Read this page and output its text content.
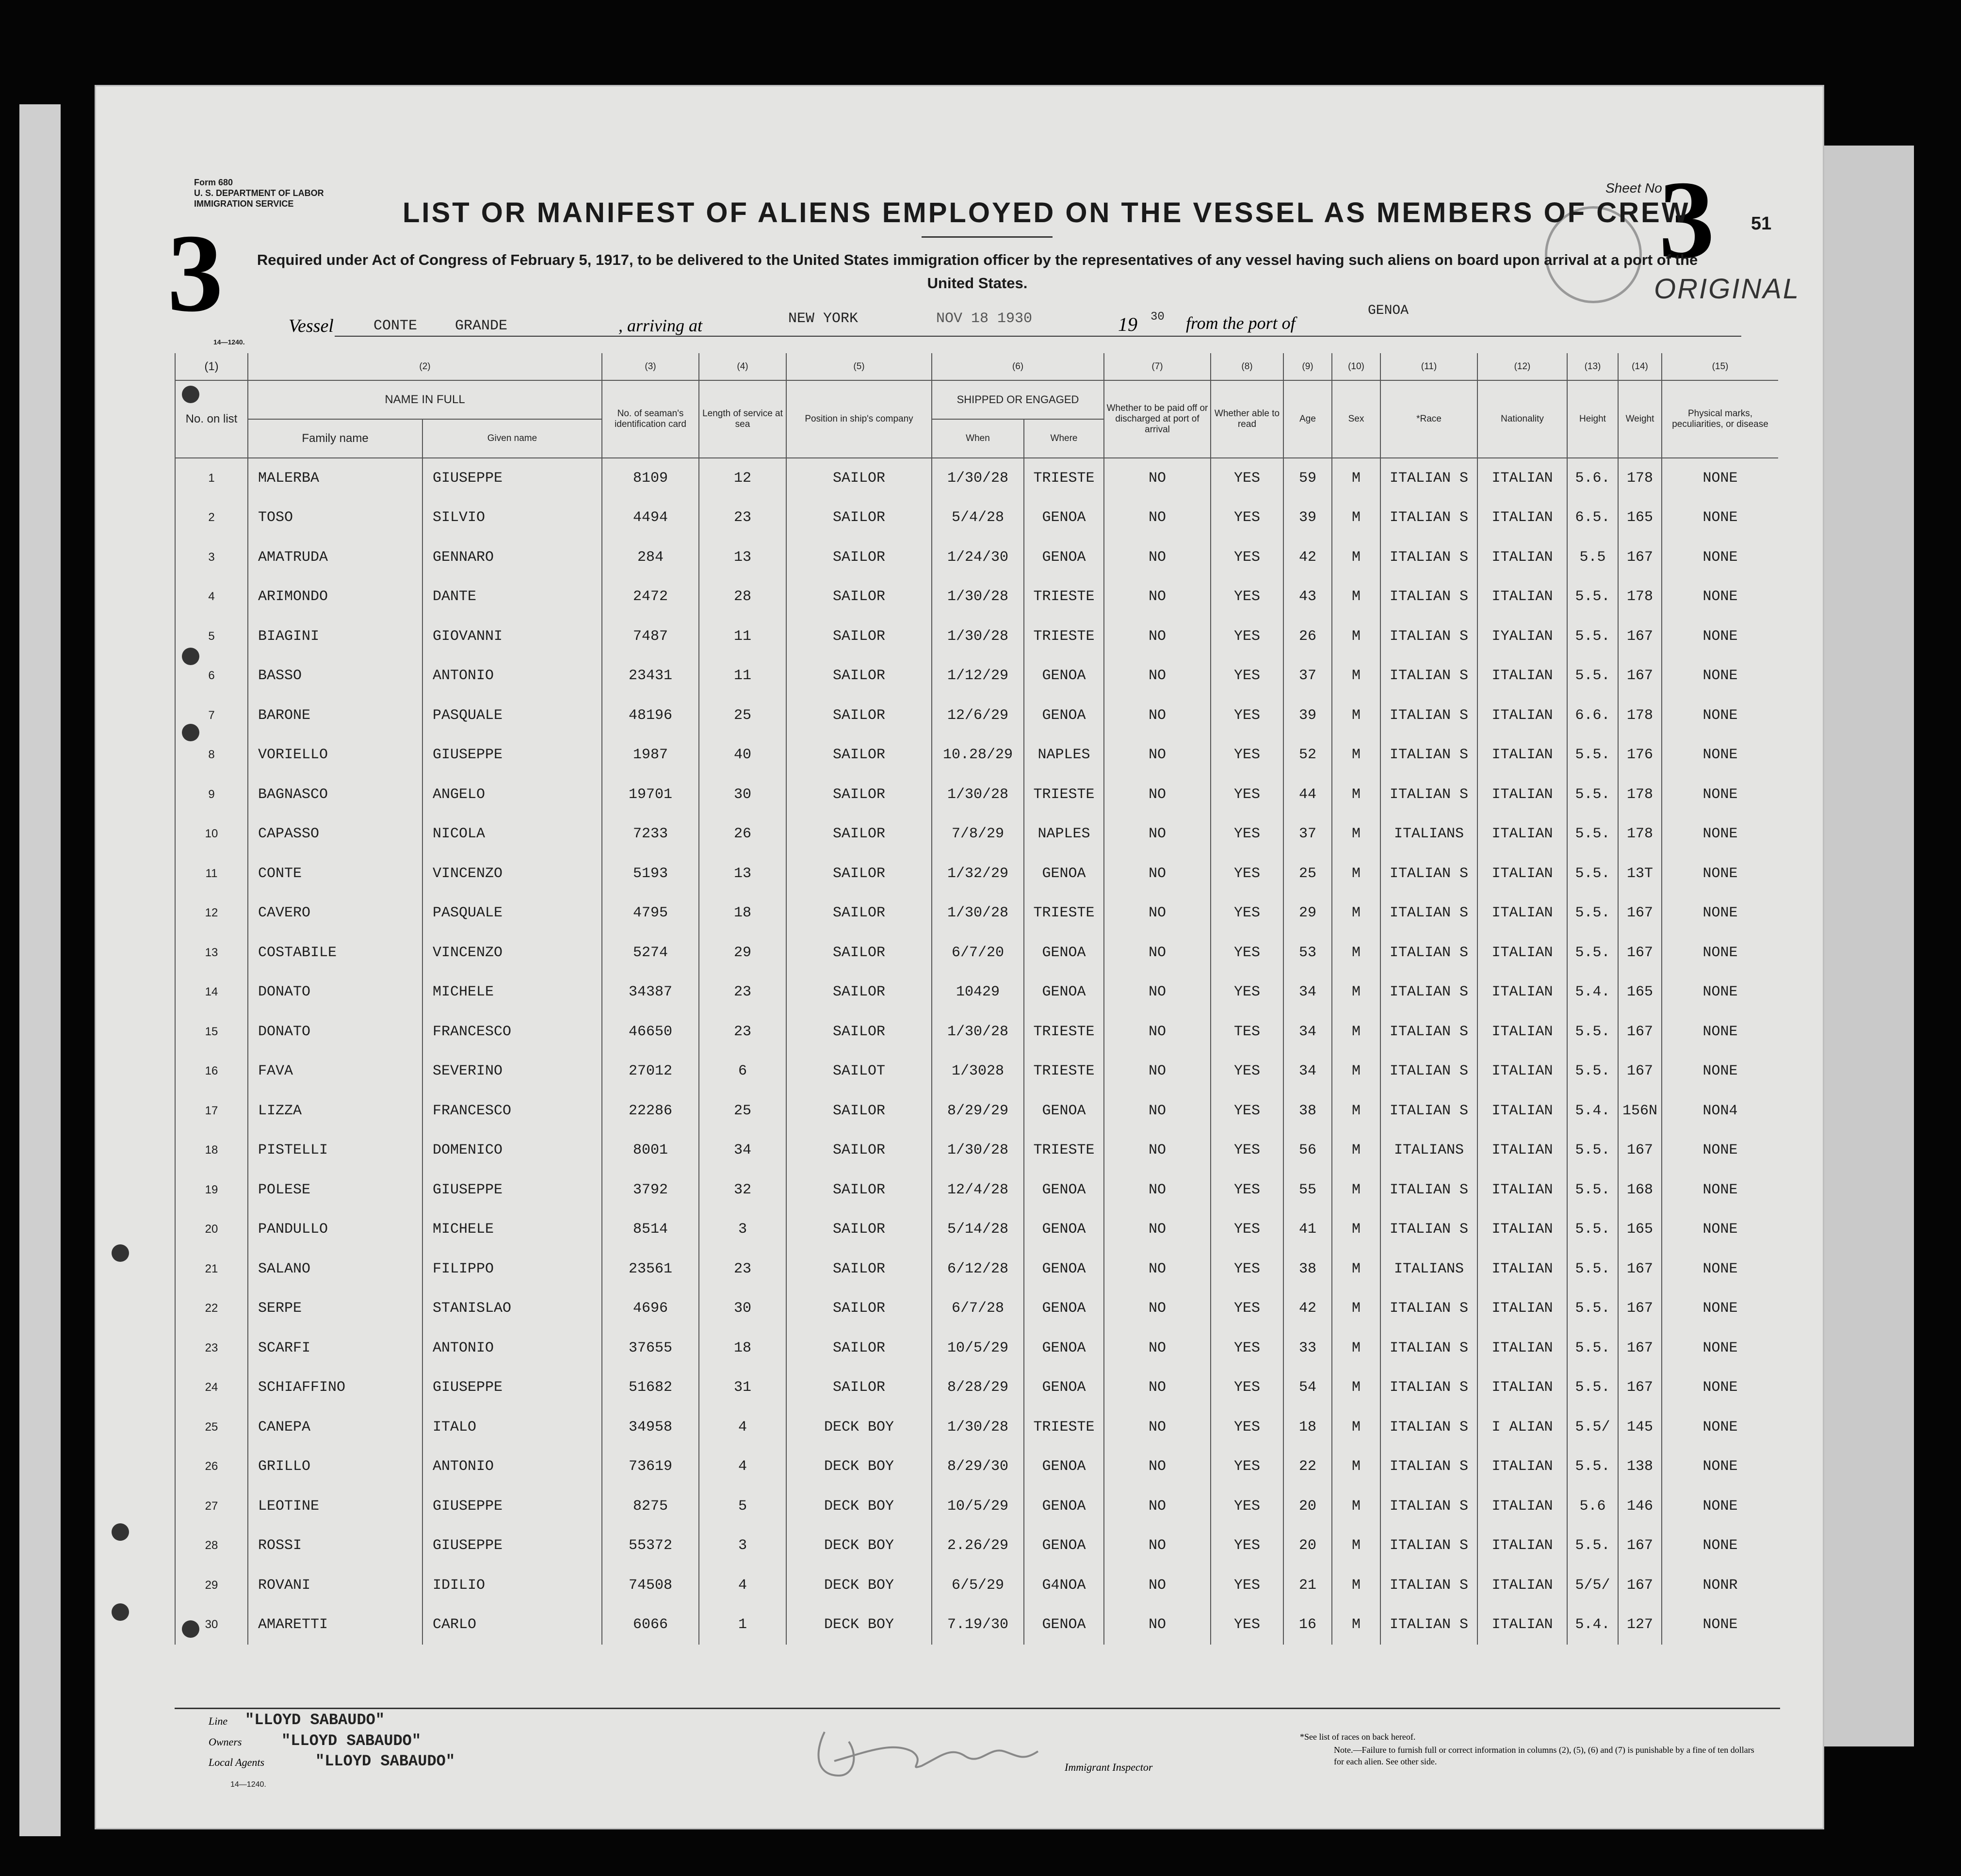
Form 680
U. S. DEPARTMENT OF LABOR
IMMIGRATION SERVICE
3
Sheet No
3 51
ORIGINAL
LIST OR MANIFEST OF ALIENS EMPLOYED ON THE VESSEL AS MEMBERS OF CREW
Required under Act of Congress of February 5, 1917, to be delivered to the United States immigration officer by the representatives of any vessel having such aliens on board upon arrival at a port of the United States.
14—1240.
Vessel	CONTE GRANDE	, arriving at	NEW YORK	NOV 18 1930	19 30 from the port of
GENOA
(1)	(2)		(3)	(4)	(5)	(6)		(7)	(8)	(9)	(10)	(11)	(12)	(13)	(14)	(15)
No. on list	NAME IN FULL		No. of seaman's identification card	Length of service at sea	Position in ship's company	SHIPPED OR ENGAGED		Whether to be paid off or discharged at port of arrival	Whether able to read	Age	Sex	*Race	Nationality	Height	Weight	Physical marks, peculiarities, or disease
	Family name	Given name				When	Where									
1	MALERBA	GIUSEPPE	8109	12	SAILOR	1/30/28	TRIESTE	NO	YES	59	M	ITALIAN S	ITALIAN	5.6.	178	NONE
2	TOSO	SILVIO	4494	23	SAILOR	5/4/28	GENOA	NO	YES	39	M	ITALIAN S	ITALIAN	6.5.	165	NONE
3	AMATRUDA	GENNARO	284	13	SAILOR	1/24/30	GENOA	NO	YES	42	M	ITALIAN S	ITALIAN	5.5	167	NONE
4	ARIMONDO	DANTE	2472	28	SAILOR	1/30/28	TRIESTE	NO	YES	43	M	ITALIAN S	ITALIAN	5.5.	178	NONE
5	BIAGINI	GIOVANNI	7487	11	SAILOR	1/30/28	TRIESTE	NO	YES	26	M	ITALIAN S	IYALIAN	5.5.	167	NONE
6	BASSO	ANTONIO	23431	11	SAILOR	1/12/29	GENOA	NO	YES	37	M	ITALIAN S	ITALIAN	5.5.	167	NONE
7	BARONE	PASQUALE	48196	25	SAILOR	12/6/29	GENOA	NO	YES	39	M	ITALIAN S	ITALIAN	6.6.	178	NONE
8	VORIELLO	GIUSEPPE	1987	40	SAILOR	10.28/29	NAPLES	NO	YES	52	M	ITALIAN S	ITALIAN	5.5.	176	NONE
9	BAGNASCO	ANGELO	19701	30	SAILOR	1/30/28	TRIESTE	NO	YES	44	M	ITALIAN S	ITALIAN	5.5.	178	NONE
10	CAPASSO	NICOLA	7233	26	SAILOR	7/8/29	NAPLES	NO	YES	37	M	ITALIANS	ITALIAN	5.5.	178	NONE
11	CONTE	VINCENZO	5193	13	SAILOR	1/32/29	GENOA	NO	YES	25	M	ITALIAN S	ITALIAN	5.5.	13T	NONE
12	CAVERO	PASQUALE	4795	18	SAILOR	1/30/28	TRIESTE	NO	YES	29	M	ITALIAN S	ITALIAN	5.5.	167	NONE
13	COSTABILE	VINCENZO	5274	29	SAILOR	6/7/20	GENOA	NO	YES	53	M	ITALIAN S	ITALIAN	5.5.	167	NONE
14	DONATO	MICHELE	34387	23	SAILOR	10429	GENOA	NO	YES	34	M	ITALIAN S	ITALIAN	5.4.	165	NONE
15	DONATO	FRANCESCO	46650	23	SAILOR	1/30/28	TRIESTE	NO	TES	34	M	ITALIAN S	ITALIAN	5.5.	167	NONE
16	FAVA	SEVERINO	27012	6	SAILOT	1/3028	TRIESTE	NO	YES	34	M	ITALIAN S	ITALIAN	5.5.	167	NONE
17	LIZZA	FRANCESCO	22286	25	SAILOR	8/29/29	GENOA	NO	YES	38	M	ITALIAN S	ITALIAN	5.4.	156N	NON4
18	PISTELLI	DOMENICO	8001	34	SAILOR	1/30/28	TRIESTE	NO	YES	56	M	ITALIANS	ITALIAN	5.5.	167	NONE
19	POLESE	GIUSEPPE	3792	32	SAILOR	12/4/28	GENOA	NO	YES	55	M	ITALIAN S	ITALIAN	5.5.	168	NONE
20	PANDULLO	MICHELE	8514	3	SAILOR	5/14/28	GENOA	NO	YES	41	M	ITALIAN S	ITALIAN	5.5.	165	NONE
21	SALANO	FILIPPO	23561	23	SAILOR	6/12/28	GENOA	NO	YES	38	M	ITALIANS	ITALIAN	5.5.	167	NONE
22	SERPE	STANISLAO	4696	30	SAILOR	6/7/28	GENOA	NO	YES	42	M	ITALIAN S	ITALIAN	5.5.	167	NONE
23	SCARFI	ANTONIO	37655	18	SAILOR	10/5/29	GENOA	NO	YES	33	M	ITALIAN S	ITALIAN	5.5.	167	NONE
24	SCHIAFFINO	GIUSEPPE	51682	31	SAILOR	8/28/29	GENOA	NO	YES	54	M	ITALIAN S	ITALIAN	5.5.	167	NONE
25	CANEPA	ITALO	34958	4	DECK BOY	1/30/28	TRIESTE	NO	YES	18	M	ITALIAN S	I ALIAN	5.5/	145	NONE
26	GRILLO	ANTONIO	73619	4	DECK BOY	8/29/30	GENOA	NO	YES	22	M	ITALIAN S	ITALIAN	5.5.	138	NONE
27	LEOTINE	GIUSEPPE	8275	5	DECK BOY	10/5/29	GENOA	NO	YES	20	M	ITALIAN S	ITALIAN	5.6	146	NONE
28	ROSSI	GIUSEPPE	55372	3	DECK BOY	2.26/29	GENOA	NO	YES	20	M	ITALIAN S	ITALIAN	5.5.	167	NONE
29	ROVANI	IDILIO	74508	4	DECK BOY	6/5/29	G4NOA	NO	YES	21	M	ITALIAN S	ITALIAN	5/5/	167	NONR
30	AMARETTI	CARLO	6066	1	DECK BOY	7.19/30	GENOA	NO	YES	16	M	ITALIAN S	ITALIAN	5.4.	127	NONE
Line "LLOYD SABAUDO"
Owners	"LLOYD SABAUDO"
Local Agents	"LLOYD SABAUDO"
14—1240.
Immigrant Inspector
*See list of races on back hereof.
Note.—Failure to furnish full or correct information in columns (2), (5), (6) and (7) is punishable by a fine of ten dollars for each alien. See other side.
